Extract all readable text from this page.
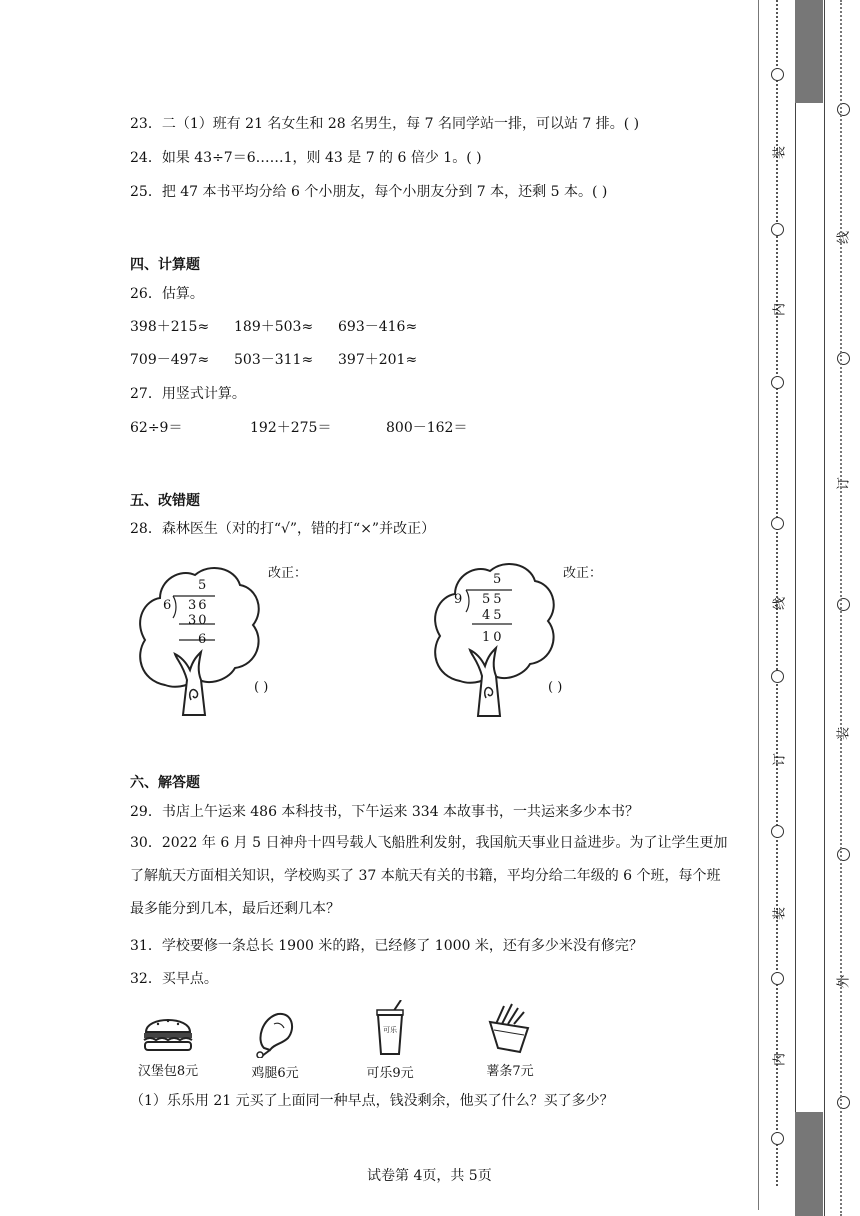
23．二（1）班有 21 名女生和 28 名男生，每 7 名同学站一排，可以站 7 排。( )
24．如果 43÷7＝6……1，则 43 是 7 的 6 倍少 1。( )
25．把 47 本书平均分给 6 个小朋友，每个小朋友分到 7 本，还剩 5 本。( )
四、计算题
26．估算。
398＋215≈ 189＋503≈ 693－416≈
709－497≈ 503－311≈ 397＋201≈
27．用竖式计算。
62÷9＝	192＋275＝	800－162＝
五、改错题
28．森林医生（对的打“√”，错的打“×”并改正）
5
6 36
30
6
改正：
( )
5
9 55
45
10
改正：
( )
六、解答题
29．书店上午运来 486 本科技书，下午运来 334 本故事书，一共运来多少本书？
30．2022 年 6 月 5 日神舟十四号载人飞船胜利发射，我国航天事业日益进步。为了让学生更加了解航天方面相关知识，学校购买了 37 本航天有关的书籍，平均分给二年级的 6 个班，每个班最多能分到几本，最后还剩几本？
31．学校要修一条总长 1900 米的路，已经修了 1000 米，还有多少米没有修完？
32．买早点。
汉堡包8元	鸡腿6元
可乐
可乐9元	薯条7元
（1）乐乐用 21 元买了上面同一种早点，钱没剩余，他买了什么？买了多少？
试卷第 4页，共 5页
装
内
线
订
装
内
线
订
装
外
